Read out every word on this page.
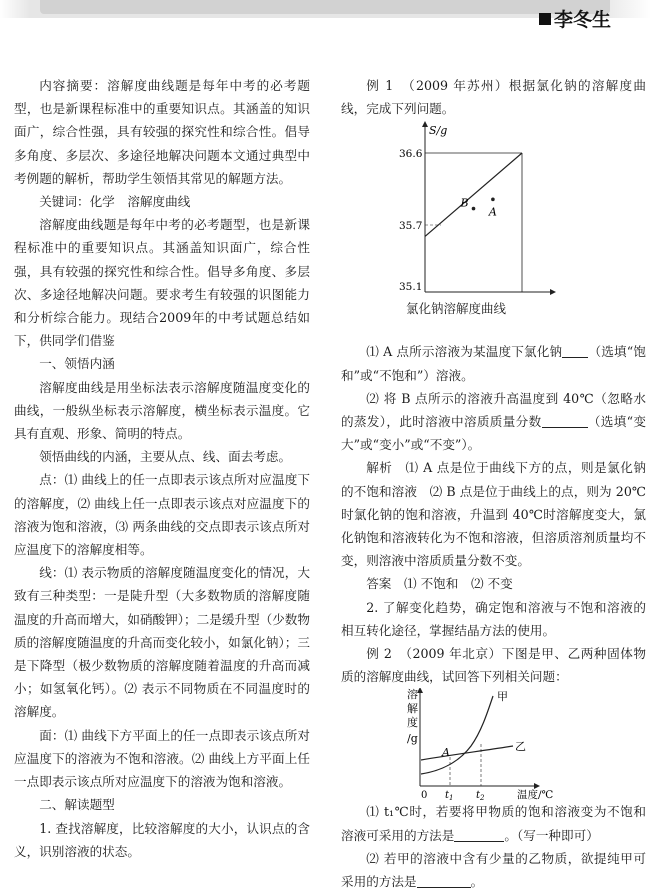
李冬生

内容摘要：溶解度曲线题是每年中考的必考题型，也是新课程标准中的重要知识点。其涵盖的知识面广，综合性强，具有较强的探究性和综合性。倡导多角度、多层次、多途径地解决问题本文通过典型中考例题的解析，帮助学生领悟其常见的解题方法。

关键词：化学　溶解度曲线

溶解度曲线题是每年中考的必考题型，也是新课程标准中的重要知识点。其涵盖知识面广，综合性强，具有较强的探究性和综合性。倡导多角度、多层次、多途径地解决问题。要求考生有较强的识图能力和分析综合能力。现结合2009年的中考试题总结如下，供同学们借鉴

一、领悟内涵

溶解度曲线是用坐标法表示溶解度随温度变化的曲线，一般纵坐标表示溶解度，横坐标表示温度。它具有直观、形象、简明的特点。

领悟曲线的内涵，主要从点、线、面去考虑。

点：⑴ 曲线上的任一点即表示该点所对应温度下的溶解度，⑵ 曲线上任一点即表示该点对应温度下的溶液为饱和溶液，⑶ 两条曲线的交点即表示该点所对应温度下的溶解度相等。

线：⑴ 表示物质的溶解度随温度变化的情况，大致有三种类型：一是陡升型（大多数物质的溶解度随温度的升高而增大，如硝酸钾）；二是缓升型（少数物质的溶解度随温度的升高而变化较小，如氯化钠）；三是下降型（极少数物质的溶解度随着温度的升高而减小；如氢氧化钙）。⑵ 表示不同物质在不同温度时的溶解度。

面：⑴ 曲线下方平面上的任一点即表示该点所对应温度下的溶液为不饱和溶液。⑵ 曲线上方平面上任一点即表示该点所对应温度下的溶液为饱和溶液。

二、解读题型

1. 查找溶解度，比较溶解度的大小，认识点的含义，识别溶液的状态。

例 1　（2009 年苏州）根据氯化钠的溶解度曲线，完成下列问题。

S/g
36.6
35.7
35.1
B
A
氯化钠溶解度曲线

⑴ A 点所示溶液为某温度下氯化钠 （选填“饱和”或“不饱和”）溶液。

⑵ 将 B 点所示的溶液升高温度到 40℃（忽略水的蒸发），此时溶液中溶质质量分数	（选填“变大”或“变小”或“不变”）。

解析　⑴ A 点是位于曲线下方的点，则是氯化钠的不饱和溶液　⑵ B 点是位于曲线上的点，则为 20℃时氯化钠的饱和溶液，升温到 40℃时溶解度变大，氯化钠饱和溶液转化为不饱和溶液，但溶质溶剂质量均不变，则溶液中溶质质量分数不变。

答案　⑴ 不饱和　⑵ 不变

2. 了解变化趋势，确定饱和溶液与不饱和溶液的相互转化途径，掌握结晶方法的使用。

例 2　（2009 年北京）下图是甲、乙两种固体物质的溶解度曲线，试回答下列相关问题：

溶
解
度
/g
甲
乙
A
0 $t_1$ $t_2$	温度/℃

⑴ t₁℃时，若要将甲物质的饱和溶液变为不饱和溶液可采用的方法是	。（写一种即可）

⑵ 若甲的溶液中含有少量的乙物质，欲提纯甲可采用的方法是	。
